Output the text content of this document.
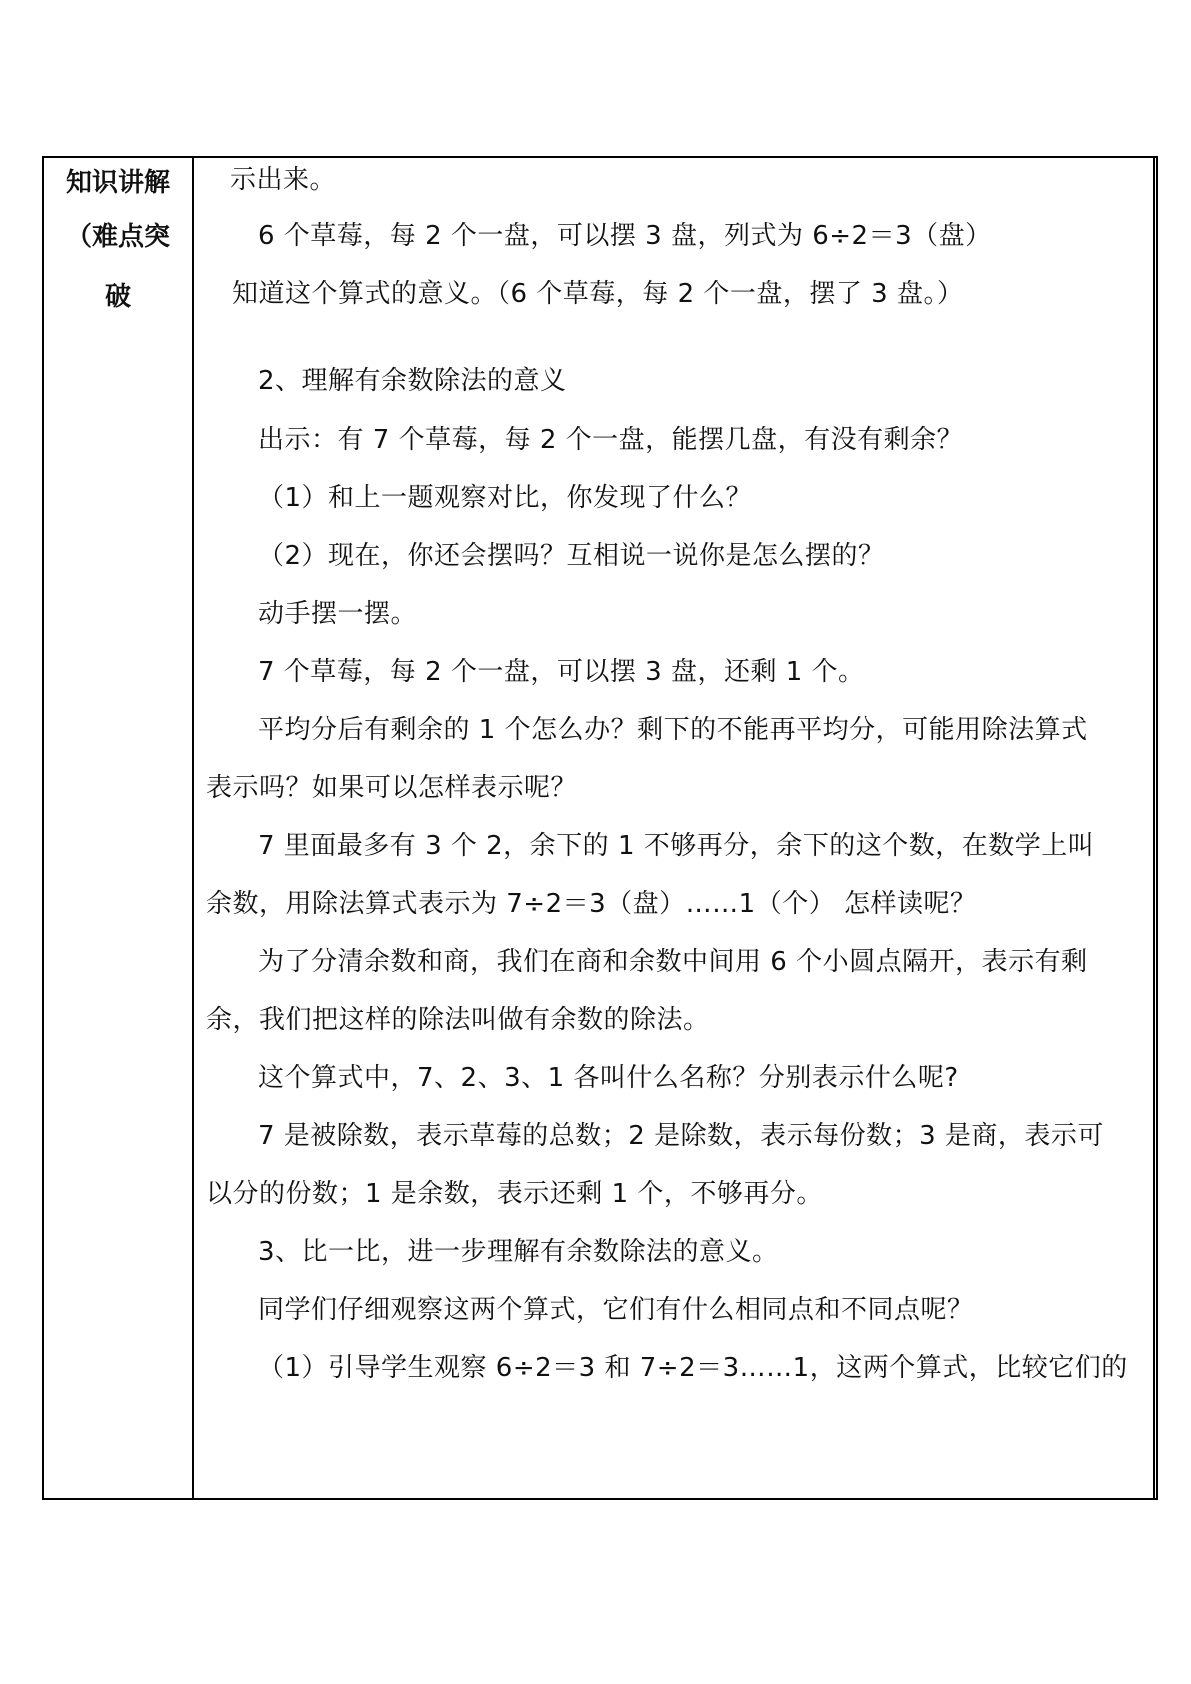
知识讲解
（难点突
破
示出来。
6 个草莓，每 2 个一盘，可以摆 3 盘，列式为 6÷2＝3（盘）
知道这个算式的意义。（6 个草莓，每 2 个一盘，摆了 3 盘。）
2、理解有余数除法的意义
出示：有 7 个草莓，每 2 个一盘，能摆几盘，有没有剩余？
（1）和上一题观察对比，你发现了什么？
（2）现在，你还会摆吗？互相说一说你是怎么摆的？
动手摆一摆。
7 个草莓，每 2 个一盘，可以摆 3 盘，还剩 1 个。
平均分后有剩余的 1 个怎么办？剩下的不能再平均分，可能用除法算式
表示吗？如果可以怎样表示呢？
7 里面最多有 3 个 2，余下的 1 不够再分，余下的这个数，在数学上叫
余数，用除法算式表示为 7÷2＝3（盘）……1（个） 怎样读呢？
为了分清余数和商，我们在商和余数中间用 6 个小圆点隔开，表示有剩
余，我们把这样的除法叫做有余数的除法。
这个算式中，7、2、3、1 各叫什么名称？分别表示什么呢?
7 是被除数，表示草莓的总数；2 是除数，表示每份数；3 是商，表示可
以分的份数；1 是余数，表示还剩 1 个，不够再分。
3、比一比，进一步理解有余数除法的意义。
同学们仔细观察这两个算式，它们有什么相同点和不同点呢？
（1）引导学生观察 6÷2＝3 和 7÷2＝3……1，这两个算式，比较它们的
